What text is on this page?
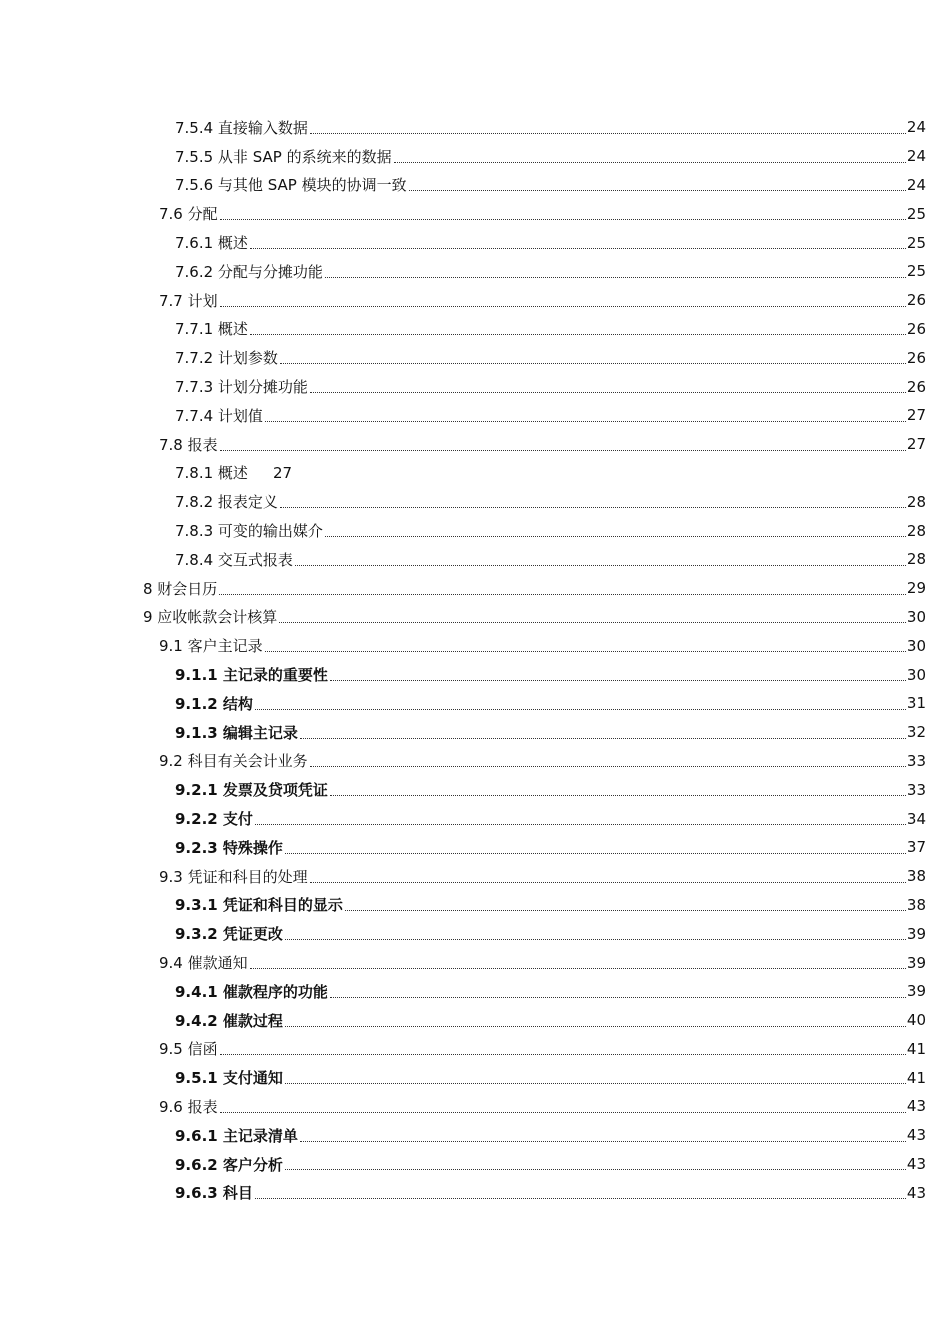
7.5.4 直接输入数据	24
7.5.5 从非 SAP 的系统来的数据	24
7.5.6 与其他 SAP 模块的协调一致	24
7.6 分配	25
7.6.1 概述	25
7.6.2 分配与分摊功能	25
7.7 计划	26
7.7.1 概述	26
7.7.2 计划参数	26
7.7.3 计划分摊功能	26
7.7.4 计划值	27
7.8 报表	27
7.8.1 概述 27
7.8.2 报表定义	28
7.8.3 可变的输出媒介	28
7.8.4 交互式报表	28
8 财会日历	29
9 应收帐款会计核算	30
9.1 客户主记录	30
9.1.1 主记录的重要性	30
9.1.2 结构	31
9.1.3 编辑主记录	32
9.2 科目有关会计业务	33
9.2.1 发票及贷项凭证	33
9.2.2 支付	34
9.2.3 特殊操作	37
9.3 凭证和科目的处理	38
9.3.1 凭证和科目的显示	38
9.3.2 凭证更改	39
9.4 催款通知	39
9.4.1 催款程序的功能	39
9.4.2 催款过程	40
9.5 信函	41
9.5.1 支付通知	41
9.6 报表	43
9.6.1 主记录清单	43
9.6.2 客户分析	43
9.6.3 科目	43
